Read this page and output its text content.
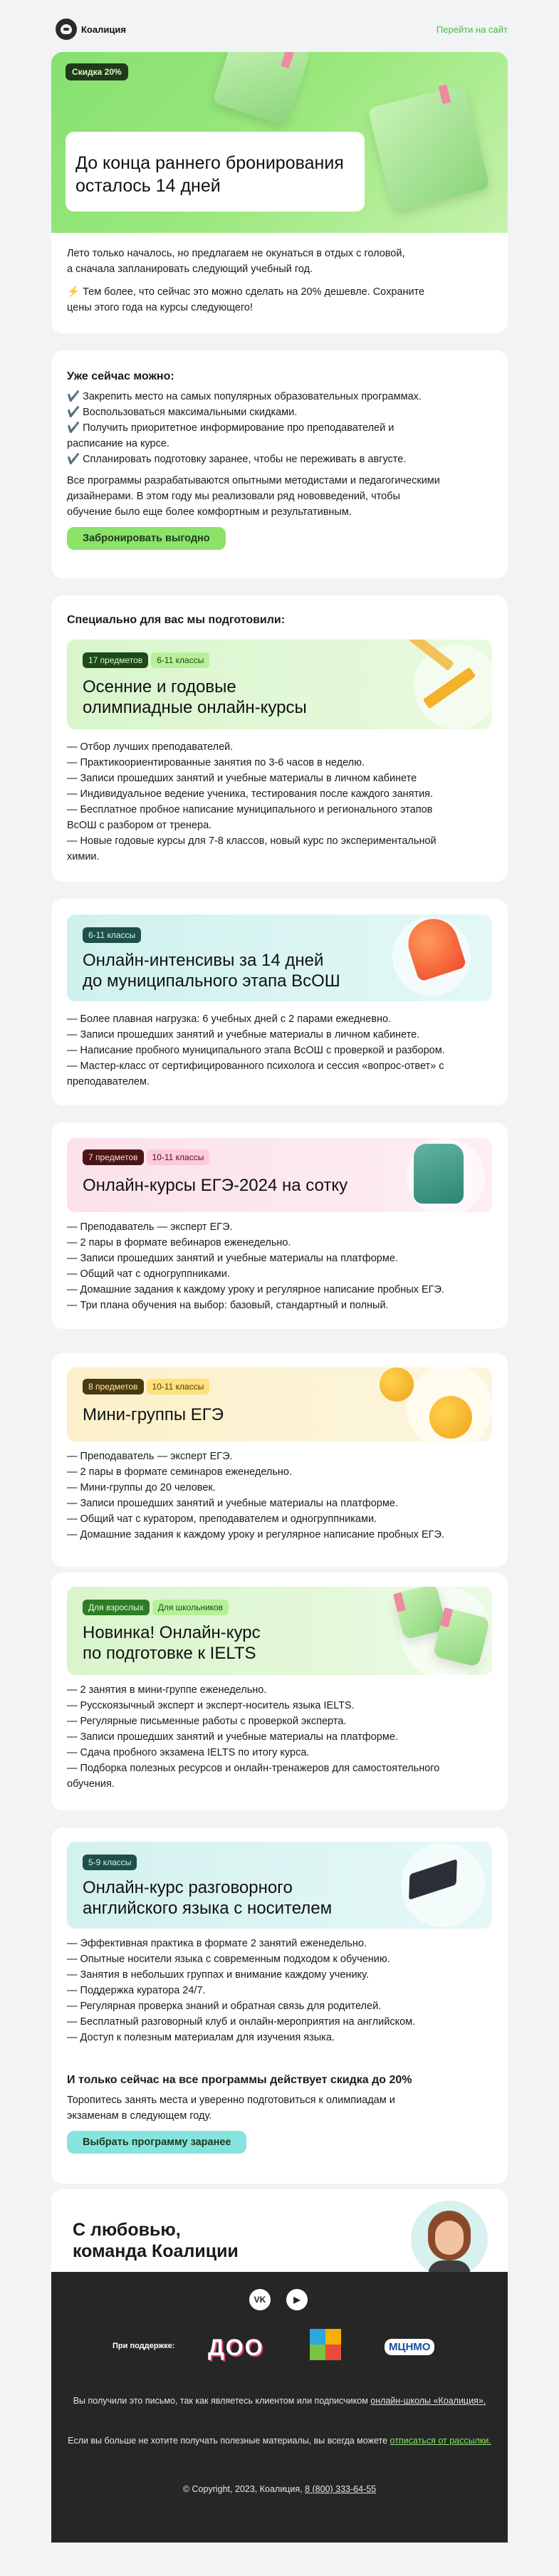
Коалиция	Перейти на сайт
Скидка 20%
До конца раннего бронирования
осталось 14 дней

Лето только началось, но предлагаем не окунаться в отдых с головой,
а сначала запланировать следующий учебный год.

⚡ Тем более, что сейчас это можно сделать на 20% дешевле. Сохраните
цены этого года на курсы следующего!

Уже сейчас можно:

✔️ Закрепить место на самых популярных образовательных программах.

✔️ Воспользоваться максимальными скидками.

✔️ Получить приоритетное информирование про преподавателей и

расписание на курсе.

✔️ Спланировать подготовку заранее, чтобы не переживать в августе.

Все программы разрабатываются опытными методистами и педагогическими
дизайнерами. В этом году мы реализовали ряд нововведений, чтобы
обучение было еще более комфортным и результативным.

Забронировать выгодно

Специально для вас мы подготовили:

17 предметов 6-11 классы
Осенние и годовые
олимпиадные онлайн-курсы
— Отбор лучших преподавателей.
— Практикоориентированные занятия по 3-6 часов в неделю.
— Записи прошедших занятий и учебные материалы в личном кабинете
— Индивидуальное ведение ученика, тестирования после каждого занятия.
— Бесплатное пробное написание муниципального и регионального этапов
ВсОШ с разбором от тренера.
— Новые годовые курсы для 7-8 классов, новый курс по экспериментальной
химии.
6-11 классы
Онлайн-интенсивы за 14 дней
до муниципального этапа ВсОШ
— Более плавная нагрузка: 6 учебных дней с 2 парами ежедневно.
— Записи прошедших занятий и учебные материалы в личном кабинете.
— Написание пробного муниципального этапа ВсОШ с проверкой и разбором.
— Мастер-класс от сертифицированного психолога и сессия «вопрос-ответ» с
преподавателем.
7 предметов 10-11 классы
Онлайн-курсы ЕГЭ-2024 на сотку
— Преподаватель — эксперт ЕГЭ.
— 2 пары в формате вебинаров еженедельно.
— Записи прошедших занятий и учебные материалы на платформе.
— Общий чат с одногруппниками.
— Домашние задания к каждому уроку и регулярное написание пробных ЕГЭ.
— Три плана обучения на выбор: базовый, стандартный и полный.
8 предметов 10-11 классы
Мини-группы ЕГЭ
— Преподаватель — эксперт ЕГЭ.
— 2 пары в формате семинаров еженедельно.
— Мини-группы до 20 человек.
— Записи прошедших занятий и учебные материалы на платформе.
— Общий чат с куратором, преподавателем и одногруппниками.
— Домашние задания к каждому уроку и регулярное написание пробных ЕГЭ.
Для взрослых Для школьников
Новинка! Онлайн-курс
по подготовке к IELTS
— 2 занятия в мини-группе еженедельно.
— Русскоязычный эксперт и эксперт-носитель языка IELTS.
— Регулярные письменные работы с проверкой эксперта.
— Записи прошедших занятий и учебные материалы на платформе.
— Сдача пробного экзамена IELTS по итогу курса.
— Подборка полезных ресурсов и онлайн-тренажеров для самостоятельного
обучения.
5-9 классы
Онлайн-курс разговорного
английского языка с носителем
— Эффективная практика в формате 2 занятий еженедельно.
— Опытные носители языка с современным подходом к обучению.
— Занятия в небольших группах и внимание каждому ученику.
— Поддержка куратора 24/7.
— Регулярная проверка знаний и обратная связь для родителей.
— Бесплатный разговорный клуб и онлайн-мероприятия на английском.
— Доступ к полезным материалам для изучения языка.

И только сейчас на все программы действует скидка до 20%

Торопитесь занять места и уверенно подготовиться к олимпиадам и
экзаменам в следующем году.

Выбрать программу заранее
С любовью,
команда Коалиции
VK	▶
При поддержке: ДОО	МЦНМО
Вы получили это письмо, так как являетесь клиентом или подписчиком онлайн-школы «Коалиция».
Если вы больше не хотите получать полезные материалы, вы всегда можете отписаться от рассылки.
© Copyright, 2023, Коалиция, 8 (800) 333-64-55
